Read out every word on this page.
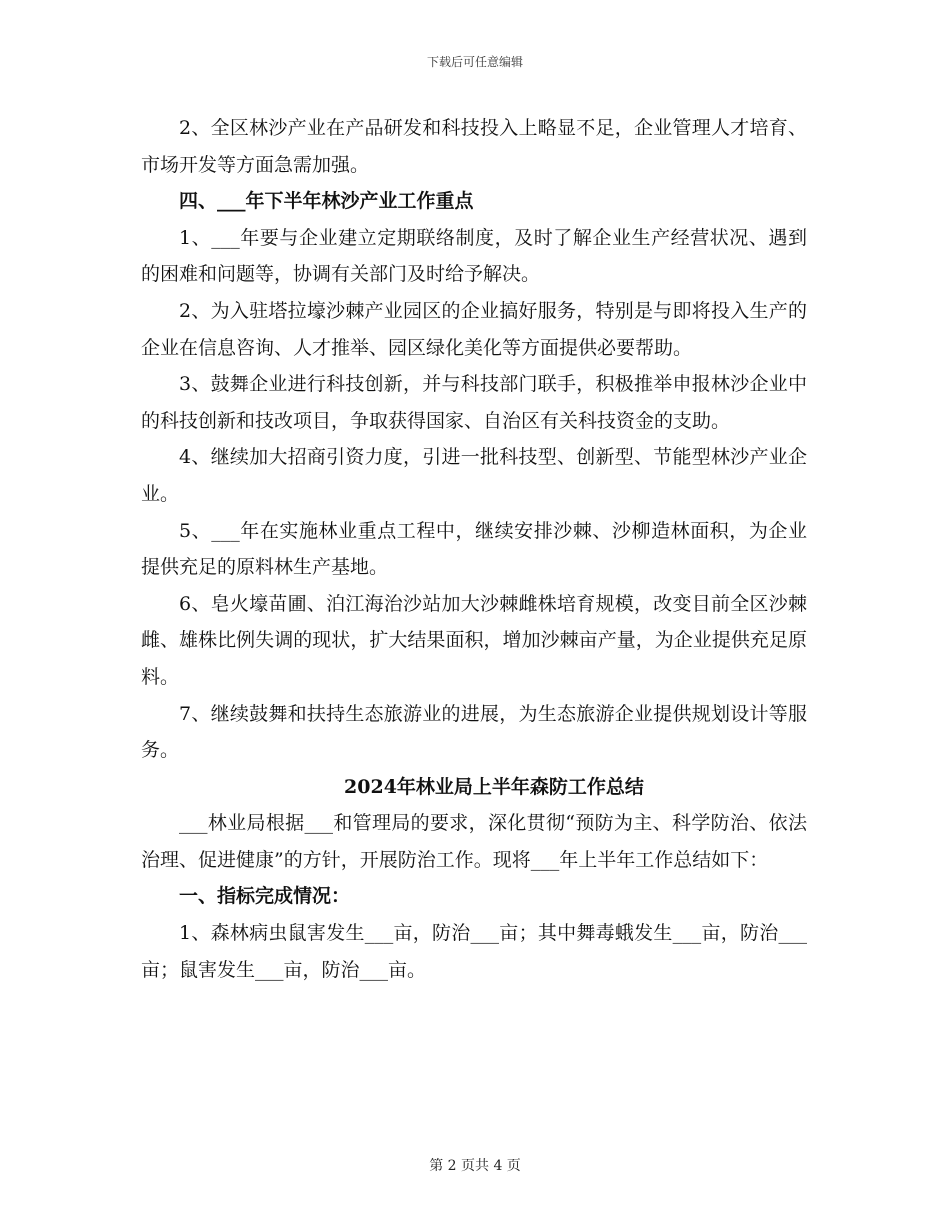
下载后可任意编辑

2、全区林沙产业在产品研发和科技投入上略显不足，企业管理人才培育、市场开发等方面急需加强。

四、___年下半年林沙产业工作重点

1、___年要与企业建立定期联络制度，及时了解企业生产经营状况、遇到的困难和问题等，协调有关部门及时给予解决。

2、为入驻塔拉壕沙棘产业园区的企业搞好服务，特别是与即将投入生产的企业在信息咨询、人才推举、园区绿化美化等方面提供必要帮助。

3、鼓舞企业进行科技创新，并与科技部门联手，积极推举申报林沙企业中的科技创新和技改项目，争取获得国家、自治区有关科技资金的支助。

4、继续加大招商引资力度，引进一批科技型、创新型、节能型林沙产业企业。

5、___年在实施林业重点工程中，继续安排沙棘、沙柳造林面积，为企业提供充足的原料林生产基地。

6、皂火壕苗圃、泊江海治沙站加大沙棘雌株培育规模，改变目前全区沙棘雌、雄株比例失调的现状，扩大结果面积，增加沙棘亩产量，为企业提供充足原料。

7、继续鼓舞和扶持生态旅游业的进展，为生态旅游企业提供规划设计等服务。

2024年林业局上半年森防工作总结

___林业局根据___和管理局的要求，深化贯彻“预防为主、科学防治、依法治理、促进健康”的方针，开展防治工作。现将___年上半年工作总结如下：

一、指标完成情况：

1、森林病虫鼠害发生___亩，防治___亩；其中舞毒蛾发生___亩，防治___亩；鼠害发生___亩，防治___亩。

第 2 页共 4 页
